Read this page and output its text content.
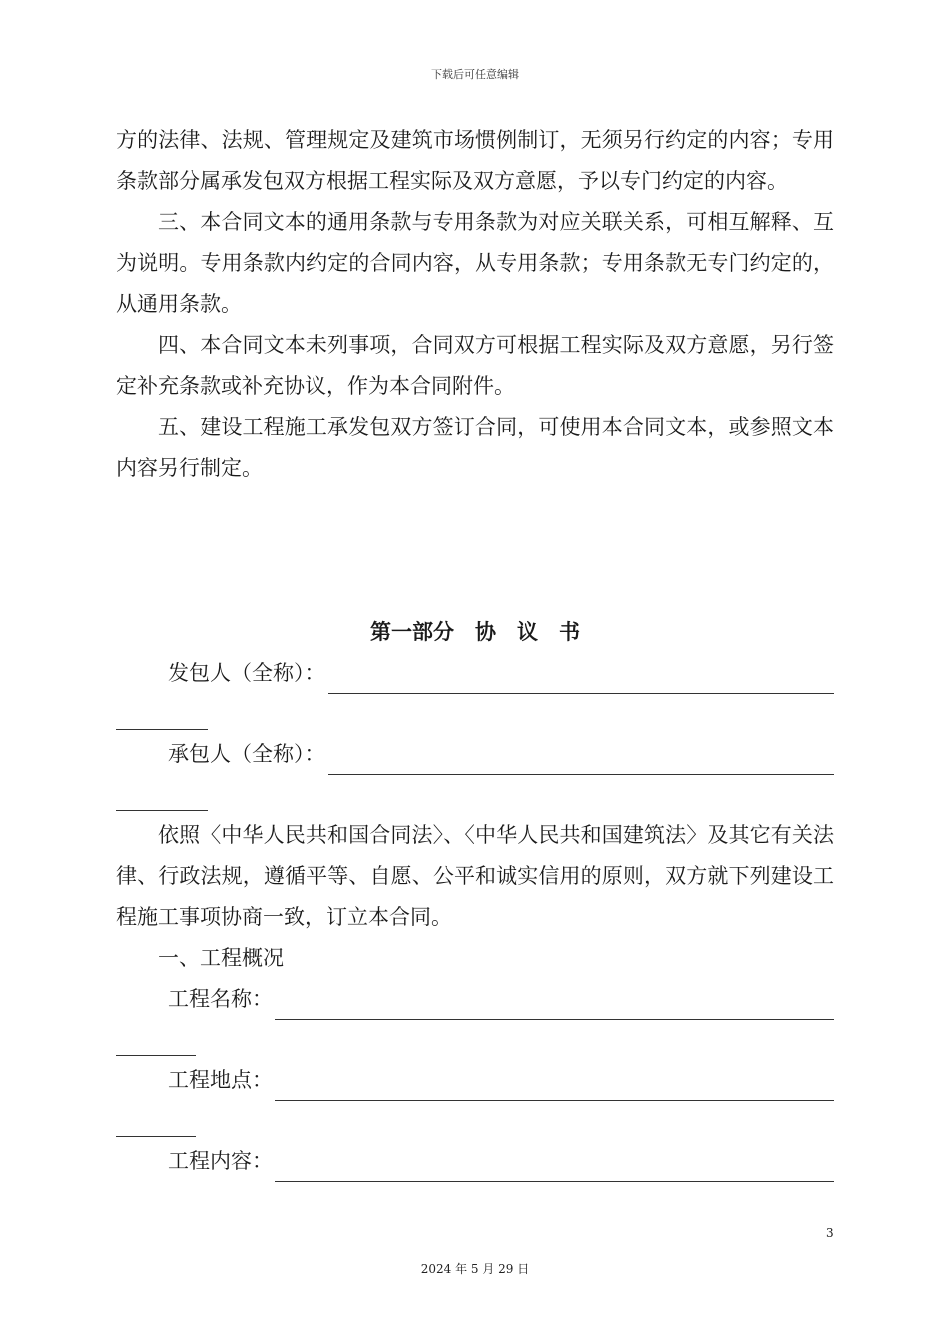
下载后可任意编辑

方的法律、法规、管理规定及建筑市场惯例制订，无须另行约定的内容；专用条款部分属承发包双方根据工程实际及双方意愿，予以专门约定的内容。

三、本合同文本的通用条款与专用条款为对应关联关系，可相互解释、互为说明。专用条款内约定的合同内容，从专用条款；专用条款无专门约定的，从通用条款。

四、本合同文本未列事项，合同双方可根据工程实际及双方意愿，另行签定补充条款或补充协议，作为本合同附件。

五、建设工程施工承发包双方签订合同，可使用本合同文本，或参照文本内容另行制定。

第一部分　协　议　书

发包人（全称）：
承包人（全称）：

依照〈中华人民共和国合同法〉、〈中华人民共和国建筑法〉及其它有关法律、行政法规，遵循平等、自愿、公平和诚实信用的原则，双方就下列建设工程施工事项协商一致，订立本合同。

一、工程概况

工程名称：
工程地点：
工程内容：
3
2024 年 5 月 29 日
